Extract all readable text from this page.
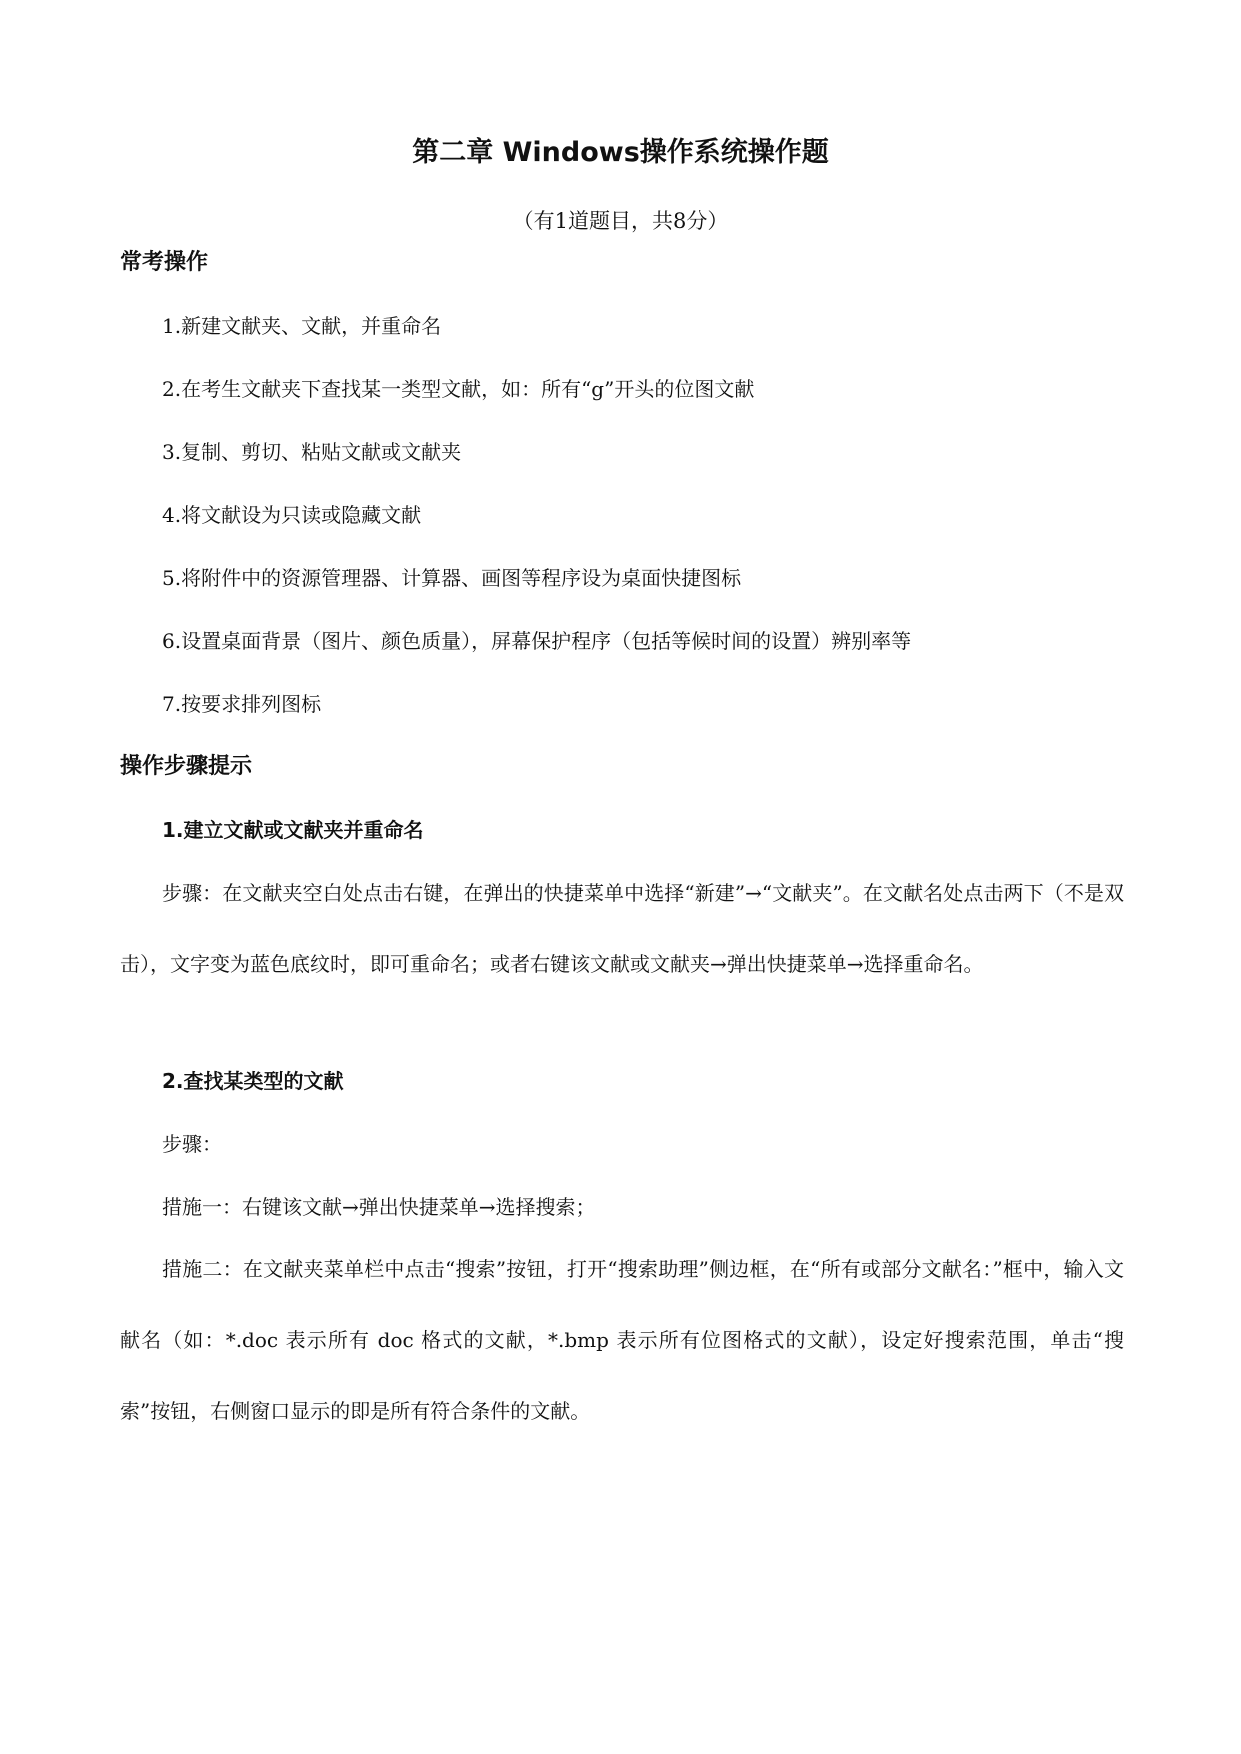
第二章 Windows操作系统操作题
（有1道题目，共8分）
常考操作
1.新建文献夹、文献，并重命名
2.在考生文献夹下查找某一类型文献，如：所有“g”开头的位图文献
3.复制、剪切、粘贴文献或文献夹
4.将文献设为只读或隐藏文献
5.将附件中的资源管理器、计算器、画图等程序设为桌面快捷图标
6.设置桌面背景（图片、颜色质量），屏幕保护程序（包括等候时间的设置）辨别率等
7.按要求排列图标
操作步骤提示
1.建立文献或文献夹并重命名

步骤：在文献夹空白处点击右键，在弹出的快捷菜单中选择“新建”→“文献夹”。在文献名处点击两下（不是双击），文字变为蓝色底纹时，即可重命名；或者右键该文献或文献夹→弹出快捷菜单→选择重命名。

2.查找某类型的文献
步骤：
措施一：右键该文献→弹出快捷菜单→选择搜索；

措施二：在文献夹菜单栏中点击“搜索”按钮，打开“搜索助理”侧边框，在“所有或部分文献名：”框中，输入文献名（如：*.doc 表示所有 doc 格式的文献，*.bmp 表示所有位图格式的文献），设定好搜索范围，单击“搜索”按钮，右侧窗口显示的即是所有符合条件的文献。
